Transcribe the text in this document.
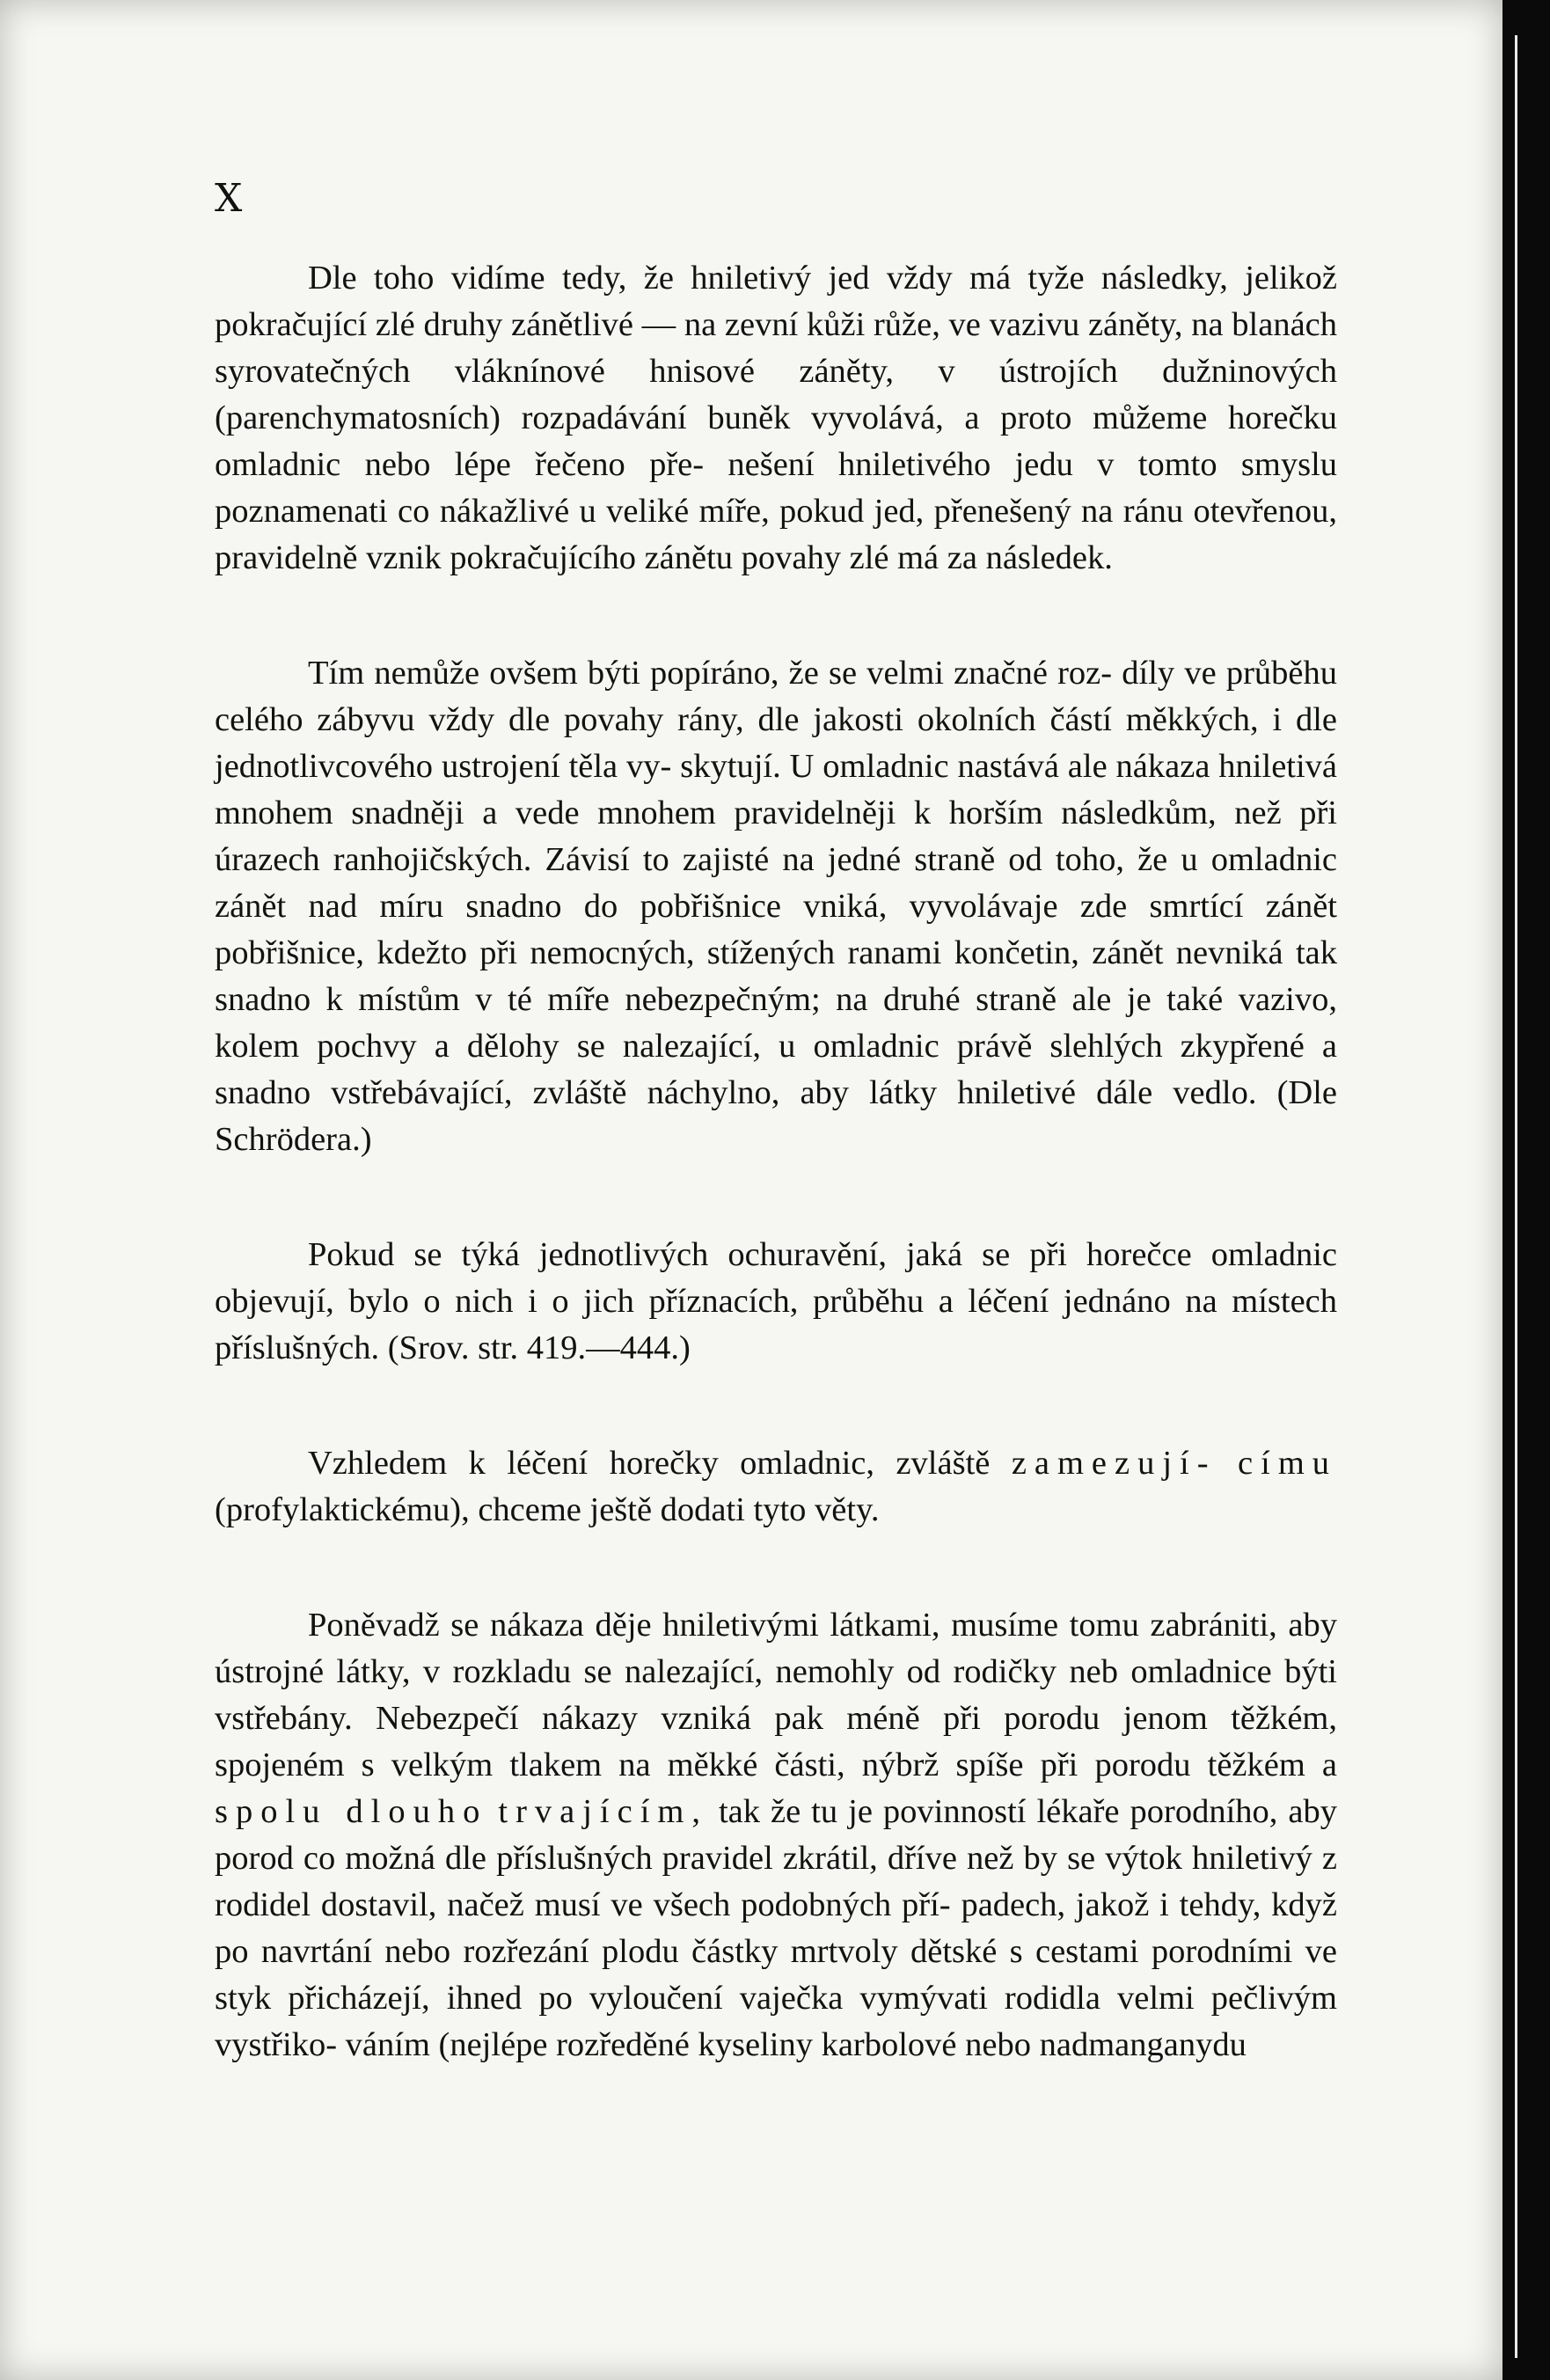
X

Dle toho vidíme tedy, že hniletivý jed vždy má tyže následky, jelikož pokračující zlé druhy zánětlivé — na zevní kůži růže, ve vazivu záněty, na blanách syrovatečných vláknínové hnisové záněty, v ústrojích dužninových (parenchymatosních) rozpadávání buněk vyvolává, a proto můžeme horečku omladnic nebo lépe řečeno pře- nešení hniletivého jedu v tomto smyslu poznamenati co nákažlivé u veliké míře, pokud jed, přenešený na ránu otevřenou, pravidelně vznik pokračujícího zánětu povahy zlé má za následek.

Tím nemůže ovšem býti popíráno, že se velmi značné roz- díly ve průběhu celého zábyvu vždy dle povahy rány, dle jakosti okolních částí měkkých, i dle jednotlivcového ustrojení těla vy- skytují. U omladnic nastává ale nákaza hniletivá mnohem snadněji a vede mnohem pravidelněji k horším následkům, než při úrazech ranhojičských. Závisí to zajisté na jedné straně od toho, že u omladnic zánět nad míru snadno do pobřišnice vniká, vyvolávaje zde smrtící zánět pobřišnice, kdežto při nemocných, stížených ranami končetin, zánět nevniká tak snadno k místům v té míře nebezpečným; na druhé straně ale je také vazivo, kolem pochvy a dělohy se nalezající, u omladnic právě slehlých zkypřené a snadno vstřebávající, zvláště náchylno, aby látky hniletivé dále vedlo. (Dle Schrödera.)

Pokud se týká jednotlivých ochuravění, jaká se při horečce omladnic objevují, bylo o nich i o jich příznacích, průběhu a léčení jednáno na místech příslušných. (Srov. str. 419.—444.)

Vzhledem k léčení horečky omladnic, zvláště zamezují- címu (profylaktickému), chceme ještě dodati tyto věty.

Poněvadž se nákaza děje hniletivými látkami, musíme tomu zabrániti, aby ústrojné látky, v rozkladu se nalezající, nemohly od rodičky neb omladnice býti vstřebány. Nebezpečí nákazy vzniká pak méně při porodu jenom těžkém, spojeném s velkým tlakem na měkké části, nýbrž spíše při porodu těžkém a spolu dlouho trvajícím, tak že tu je povinností lékaře porodního, aby porod co možná dle příslušných pravidel zkrátil, dříve než by se výtok hniletivý z rodidel dostavil, načež musí ve všech podobných pří- padech, jakož i tehdy, když po navrtání nebo rozřezání plodu částky mrtvoly dětské s cestami porodními ve styk přicházejí, ihned po vyloučení vaječka vymývati rodidla velmi pečlivým vystřiko- váním (nejlépe rozředěné kyseliny karbolové nebo nadmanganydu
